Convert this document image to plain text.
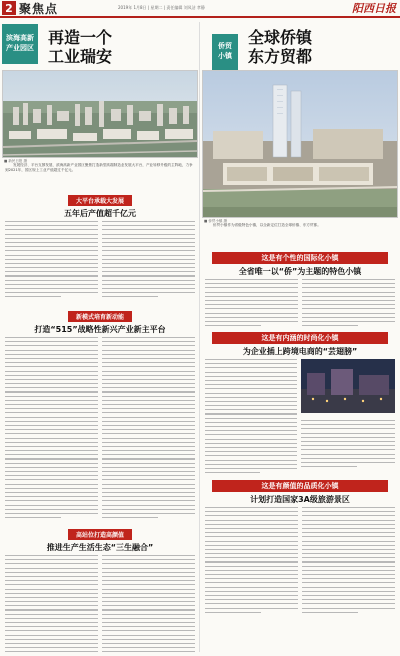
2 聚焦点	2019年 1月8日 | 星期二 | 责任编辑 刘凤洁 孝静	阳西日报
滨海高新
产业园区
再造一个
工业瑞安
■ 新民日报 摄
发展经济、平台支撑发展、滨海高新产业园区聚焦打造新型高端制造业发展大平台，产业转移升级的主阵地，力争到2021年，园区规上工业产值超过千亿元。
大平台承载大发展
五年后产值超千亿元
新模式培育新动能
打造“515”战略性新兴产业新主平台
高站位打造高颜值
推进生产生活生态“三生融合”
侨贸
小镇
全球侨镇
东方贸都
■ 侨贸小镇 摄
侨贸小镇作为省级特色小镇，以全新定位打造全球侨镇、东方贸都。
这是有个性的国际化小镇
全省唯一以“侨”为主题的特色小镇
这是有内涵的时尚化小镇
为企业插上跨境电商的“芸翅膀”
这是有颜值的品质化小镇
计划打造国家3A级旅游景区
